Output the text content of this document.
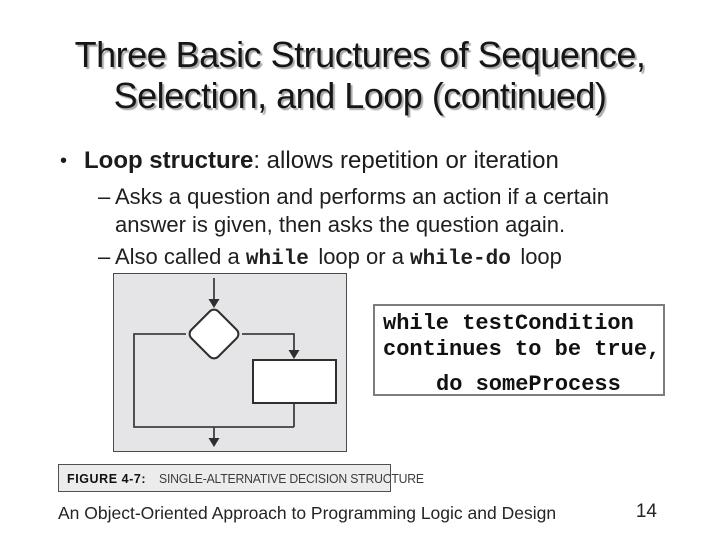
Three Basic Structures of Sequence,
Selection, and Loop (continued)
• Loop structure: allows repetition or iteration
– Asks a question and performs an action if a certain
answer is given, then asks the question again.
– Also called a while loop or a while-do loop
while testCondition
continues to be true,
do someProcess
FIGURE 4-7: SINGLE-ALTERNATIVE DECISION STRUCTURE
An Object-Oriented Approach to Programming Logic and Design	14
